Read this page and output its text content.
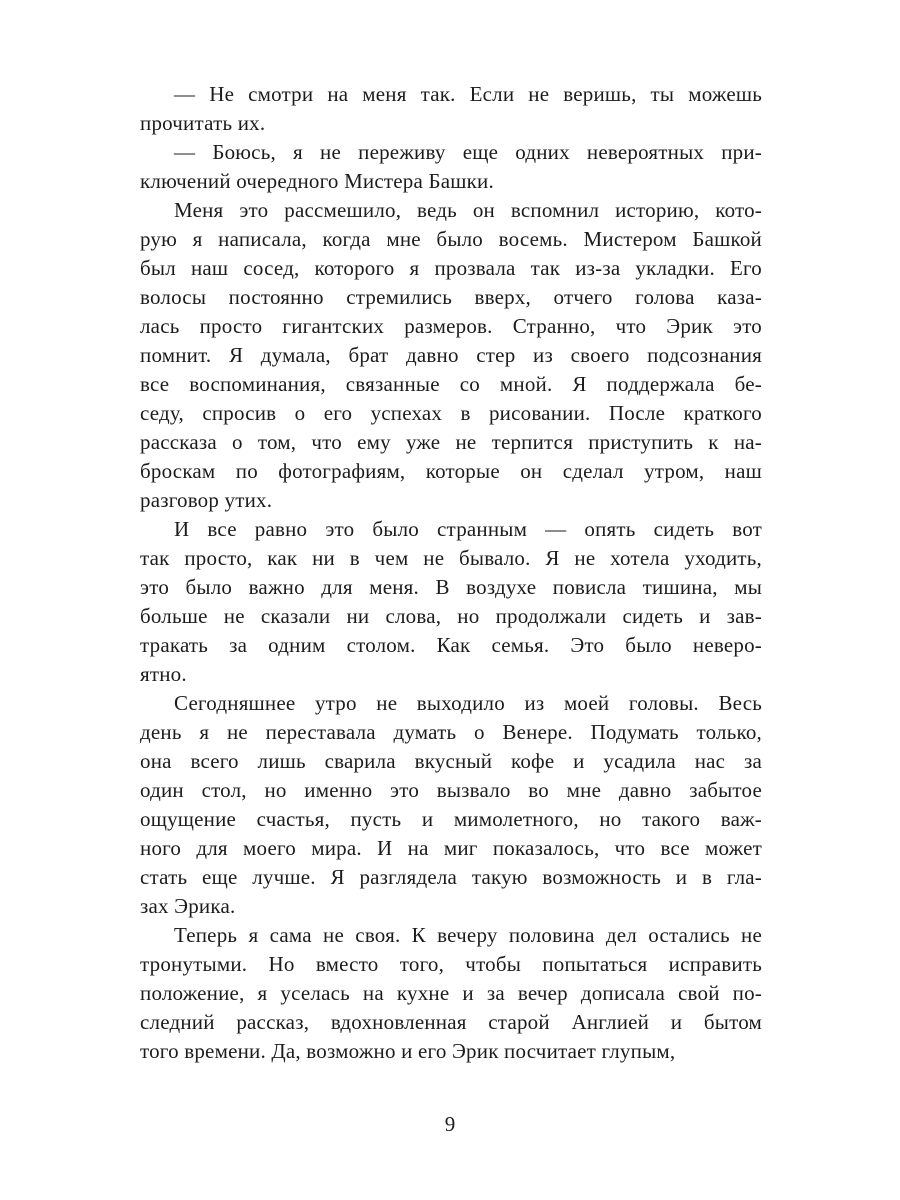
— Не смотри на меня так. Если не веришь, ты можешь
прочитать их.
— Боюсь, я не переживу еще одних невероятных при-
ключений очередного Мистера Башки.
Меня это рассмешило, ведь он вспомнил историю, кото-
рую я написала, когда мне было восемь. Мистером Башкой
был наш сосед, которого я прозвала так из-за укладки. Его
волосы постоянно стремились вверх, отчего голова каза-
лась просто гигантских размеров. Странно, что Эрик это
помнит. Я думала, брат давно стер из своего подсознания
все воспоминания, связанные со мной. Я поддержала бе-
седу, спросив о его успехах в рисовании. После краткого
рассказа о том, что ему уже не терпится приступить к на-
броскам по фотографиям, которые он сделал утром, наш
разговор утих.
И все равно это было странным — опять сидеть вот
так просто, как ни в чем не бывало. Я не хотела уходить,
это было важно для меня. В воздухе повисла тишина, мы
больше не сказали ни слова, но продолжали сидеть и зав-
тракать за одним столом. Как семья. Это было неверо-
ятно.
Сегодняшнее утро не выходило из моей головы. Весь
день я не переставала думать о Венере. Подумать только,
она всего лишь сварила вкусный кофе и усадила нас за
один стол, но именно это вызвало во мне давно забытое
ощущение счастья, пусть и мимолетного, но такого важ-
ного для моего мира. И на миг показалось, что все может
стать еще лучше. Я разглядела такую возможность и в гла-
зах Эрика.
Теперь я сама не своя. К вечеру половина дел остались не
тронутыми. Но вместо того, чтобы попытаться исправить
положение, я уселась на кухне и за вечер дописала свой по-
следний рассказ, вдохновленная старой Англией и бытом
того времени. Да, возможно и его Эрик посчитает глупым,
9
